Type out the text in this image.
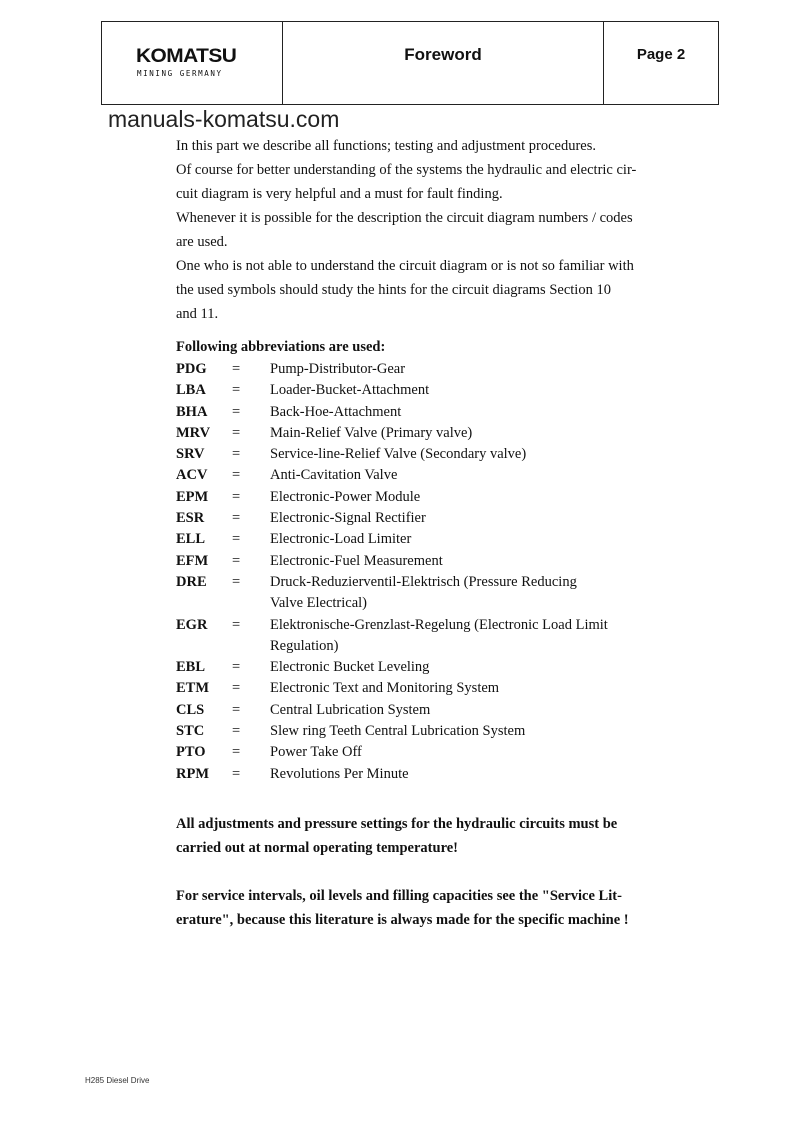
KOMATSU
MINING GERMANY
Foreword	Page 2
manuals-komatsu.com
In this part we describe all functions; testing and adjustment procedures.
Of course for better understanding of the systems the hydraulic and electric cir-
cuit diagram is very helpful and a must for fault finding.
Whenever it is possible for the description the circuit diagram numbers / codes
are used.
One who is not able to understand the circuit diagram or is not so familiar with
the used symbols should study the hints for the circuit diagrams Section 10
and 11.
Following abbreviations are used:
PDG	=	Pump-Distributor-Gear
LBA	=	Loader-Bucket-Attachment
BHA	=	Back-Hoe-Attachment
MRV	=	Main-Relief Valve (Primary valve)
SRV	=	Service-line-Relief Valve (Secondary valve)
ACV	=	Anti-Cavitation Valve
EPM	=	Electronic-Power Module
ESR	=	Electronic-Signal Rectifier
ELL	=	Electronic-Load Limiter
EFM	=	Electronic-Fuel Measurement
DRE	=	Druck-Reduzierventil-Elektrisch (Pressure Reducing
Valve Electrical)
EGR	=	Elektronische-Grenzlast-Regelung (Electronic Load Limit
Regulation)
EBL	=	Electronic Bucket Leveling
ETM	=	Electronic Text and Monitoring System
CLS	=	Central Lubrication System
STC	=	Slew ring Teeth Central Lubrication System
PTO	=	Power Take Off
RPM	=	Revolutions Per Minute
All adjustments and pressure settings for the hydraulic circuits must be
carried out at normal operating temperature!
For service intervals, oil levels and filling capacities see the "Service Lit-
erature", because this literature is always made for the specific machine !
H285 Diesel Drive
